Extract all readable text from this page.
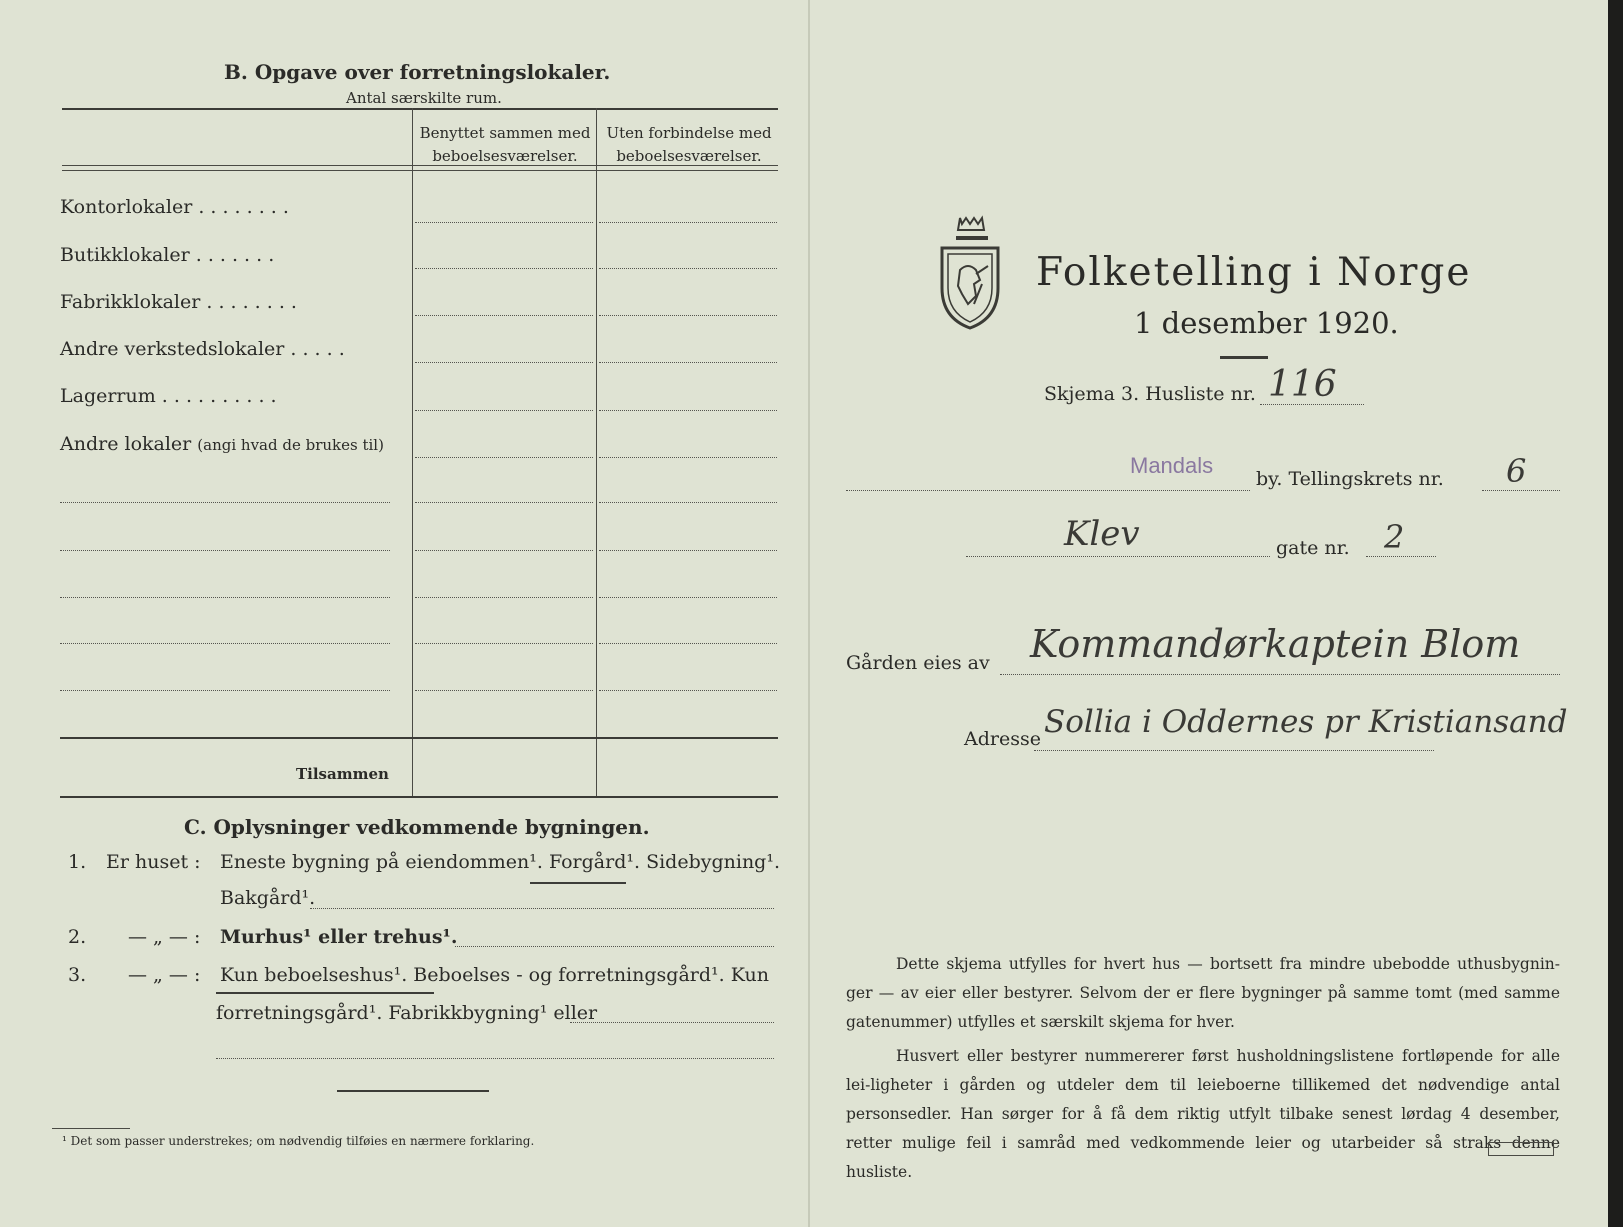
B. Opgave over forretningslokaler.
Antal særskilte rum.
Benyttet sammen med beboelsesværelser.
Uten forbindelse med beboelsesværelser.
Kontorlokaler . . . . . . . .
Butikklokaler . . . . . . .
Fabrikklokaler . . . . . . . .
Andre verkstedslokaler . . . . .
Lagerrum . . . . . . . . . .
Andre lokaler (angi hvad de brukes til)
Tilsammen
C. Oplysninger vedkommende bygningen.
1. Er huset : Eneste bygning på eiendommen¹. Forgård¹. Sidebygning¹.
Bakgård¹.
2. — „ — : Murhus¹ eller trehus¹.
3. — „ — : Kun beboelseshus¹. Beboelses - og forretningsgård¹. Kun
forretningsgård¹. Fabrikkbygning¹ eller
¹ Det som passer understrekes; om nødvendig tilføies en nærmere forklaring.
Folketelling i Norge
1 desember 1920.
Skjema 3. Husliste nr. 116
Mandals
by. Tellingskrets nr. 6
Klev	gate nr. 2
Gården eies av Kommandørkaptein Blom
Adresse Sollia i Oddernes pr Kristiansand
Dette skjema utfylles for hvert hus — bortsett fra mindre ubebodde uthusbygnin-ger — av eier eller bestyrer. Selvom der er flere bygninger på samme tomt (med samme gatenummer) utfylles et særskilt skjema for hver.
Husvert eller bestyrer nummererer først husholdningslistene fortløpende for alle lei-ligheter i gården og utdeler dem til leieboerne tillikemed det nødvendige antal personsedler. Han sørger for å få dem riktig utfylt tilbake senest lørdag 4 desember, retter mulige feil i samråd med vedkommende leier og utarbeider så straks denne husliste.
